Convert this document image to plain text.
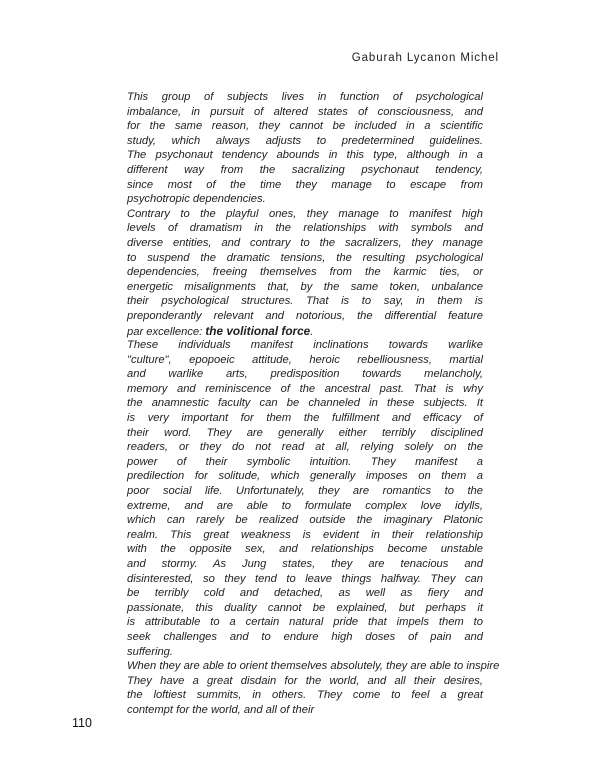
Gaburah Lycanon Michel
This group of subjects lives in function of psychological
imbalance, in pursuit of altered states of consciousness, and
for the same reason, they cannot be included in a scientific
study, which always adjusts to predetermined guidelines.
The psychonaut tendency abounds in this type, although in a
different way from the sacralizing psychonaut tendency,
since most of the time they manage to escape from
psychotropic dependencies.
Contrary to the playful ones, they manage to manifest high
levels of dramatism in the relationships with symbols and
diverse entities, and contrary to the sacralizers, they manage
to suspend the dramatic tensions, the resulting psychological
dependencies, freeing themselves from the karmic ties, or
energetic misalignments that, by the same token, unbalance
their psychological structures. That is to say, in them is
preponderantly relevant and notorious, the differential feature
par excellence: the volitional force.
These individuals manifest inclinations towards warlike
"culture", epopoeic attitude, heroic rebelliousness, martial
and warlike arts, predisposition towards melancholy,
memory and reminiscence of the ancestral past. That is why
the anamnestic faculty can be channeled in these subjects. It
is very important for them the fulfillment and efficacy of
their word. They are generally either terribly disciplined
readers, or they do not read at all, relying solely on the
power of their symbolic intuition. They manifest a
predilection for solitude, which generally imposes on them a
poor social life. Unfortunately, they are romantics to the
extreme, and are able to formulate complex love idylls,
which can rarely be realized outside the imaginary Platonic
realm. This great weakness is evident in their relationship
with the opposite sex, and relationships become unstable
and stormy. As Jung states, they are tenacious and
disinterested, so they tend to leave things halfway. They can
be terribly cold and detached, as well as fiery and
passionate, this duality cannot be explained, but perhaps it
is attributable to a certain natural pride that impels them to
seek challenges and to endure high doses of pain and
suffering.
When they are able to orient themselves absolutely, they are able to inspire
They have a great disdain for the world, and all their desires,
the loftiest summits, in others. They come to feel a great
contempt for the world, and all of their
110
